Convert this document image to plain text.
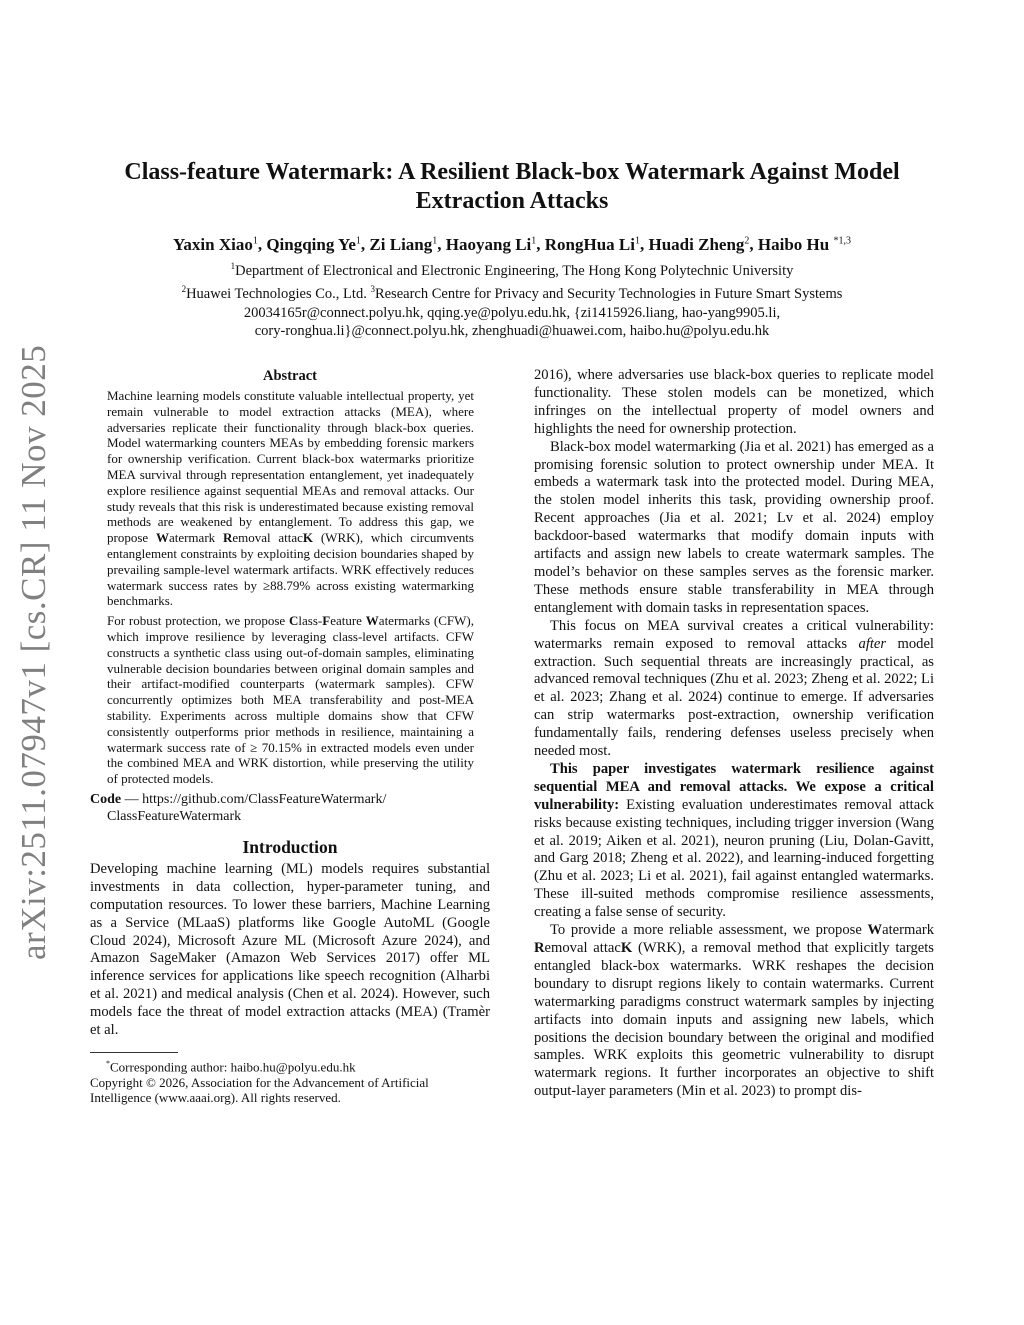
arXiv:2511.07947v1 [cs.CR] 11 Nov 2025
Class-feature Watermark: A Resilient Black-box Watermark Against Model Extraction Attacks
Yaxin Xiao$^1$, Qingqing Ye$^1$, Zi Liang$^1$, Haoyang Li$^1$, RongHua Li$^1$, Huadi Zheng$^2$, Haibo Hu $^{*1,3}$
$^1$Department of Electronical and Electronic Engineering, The Hong Kong Polytechnic University
$^2$Huawei Technologies Co., Ltd. $^3$Research Centre for Privacy and Security Technologies in Future Smart Systems
20034165r@connect.polyu.hk, qqing.ye@polyu.edu.hk, {zi1415926.liang, hao-yang9905.li,
cory-ronghua.li}@connect.polyu.hk, zhenghuadi@huawei.com, haibo.hu@polyu.edu.hk
Abstract

Machine learning models constitute valuable intellectual property, yet remain vulnerable to model extraction attacks (MEA), where adversaries replicate their functionality through black-box queries. Model watermarking counters MEAs by embedding forensic markers for ownership verification. Current black-box watermarks prioritize MEA survival through representation entanglement, yet inadequately explore resilience against sequential MEAs and removal attacks. Our study reveals that this risk is underestimated because existing removal methods are weakened by entanglement. To address this gap, we propose Watermark Removal attacK (WRK), which circumvents entanglement constraints by exploiting decision boundaries shaped by prevailing sample-level watermark artifacts. WRK effectively reduces watermark success rates by ≥88.79% across existing watermarking benchmarks.

For robust protection, we propose Class-Feature Watermarks (CFW), which improve resilience by leveraging class-level artifacts. CFW constructs a synthetic class using out-of-domain samples, eliminating vulnerable decision boundaries between original domain samples and their artifact-modified counterparts (watermark samples). CFW concurrently optimizes both MEA transferability and post-MEA stability. Experiments across multiple domains show that CFW consistently outperforms prior methods in resilience, maintaining a watermark success rate of ≥ 70.15% in extracted models even under the combined MEA and WRK distortion, while preserving the utility of protected models.

Code — https://github.com/ClassFeatureWatermark/
ClassFeatureWatermark
Introduction

Developing machine learning (ML) models requires substantial investments in data collection, hyper-parameter tuning, and computation resources. To lower these barriers, Machine Learning as a Service (MLaaS) platforms like Google AutoML (Google Cloud 2024), Microsoft Azure ML (Microsoft Azure 2024), and Amazon SageMaker (Amazon Web Services 2017) offer ML inference services for applications like speech recognition (Alharbi et al. 2021) and medical analysis (Chen et al. 2024). However, such models face the threat of model extraction attacks (MEA) (Tramèr et al.

*Corresponding author: haibo.hu@polyu.edu.hk
Copyright © 2026, Association for the Advancement of Artificial Intelligence (www.aaai.org). All rights reserved.

2016), where adversaries use black-box queries to replicate model functionality. These stolen models can be monetized, which infringes on the intellectual property of model owners and highlights the need for ownership protection.

Black-box model watermarking (Jia et al. 2021) has emerged as a promising forensic solution to protect ownership under MEA. It embeds a watermark task into the protected model. During MEA, the stolen model inherits this task, providing ownership proof. Recent approaches (Jia et al. 2021; Lv et al. 2024) employ backdoor-based watermarks that modify domain inputs with artifacts and assign new labels to create watermark samples. The model’s behavior on these samples serves as the forensic marker. These methods ensure stable transferability in MEA through entanglement with domain tasks in representation spaces.

This focus on MEA survival creates a critical vulnerability: watermarks remain exposed to removal attacks after model extraction. Such sequential threats are increasingly practical, as advanced removal techniques (Zhu et al. 2023; Zheng et al. 2022; Li et al. 2023; Zhang et al. 2024) continue to emerge. If adversaries can strip watermarks post-extraction, ownership verification fundamentally fails, rendering defenses useless precisely when needed most.

This paper investigates watermark resilience against sequential MEA and removal attacks. We expose a critical vulnerability: Existing evaluation underestimates removal attack risks because existing techniques, including trigger inversion (Wang et al. 2019; Aiken et al. 2021), neuron pruning (Liu, Dolan-Gavitt, and Garg 2018; Zheng et al. 2022), and learning-induced forgetting (Zhu et al. 2023; Li et al. 2021), fail against entangled watermarks. These ill-suited methods compromise resilience assessments, creating a false sense of security.

To provide a more reliable assessment, we propose Watermark Removal attacK (WRK), a removal method that explicitly targets entangled black-box watermarks. WRK reshapes the decision boundary to disrupt regions likely to contain watermarks. Current watermarking paradigms construct watermark samples by injecting artifacts into domain inputs and assigning new labels, which positions the decision boundary between the original and modified samples. WRK exploits this geometric vulnerability to disrupt watermark regions. It further incorporates an objective to shift output-layer parameters (Min et al. 2023) to prompt dis-
